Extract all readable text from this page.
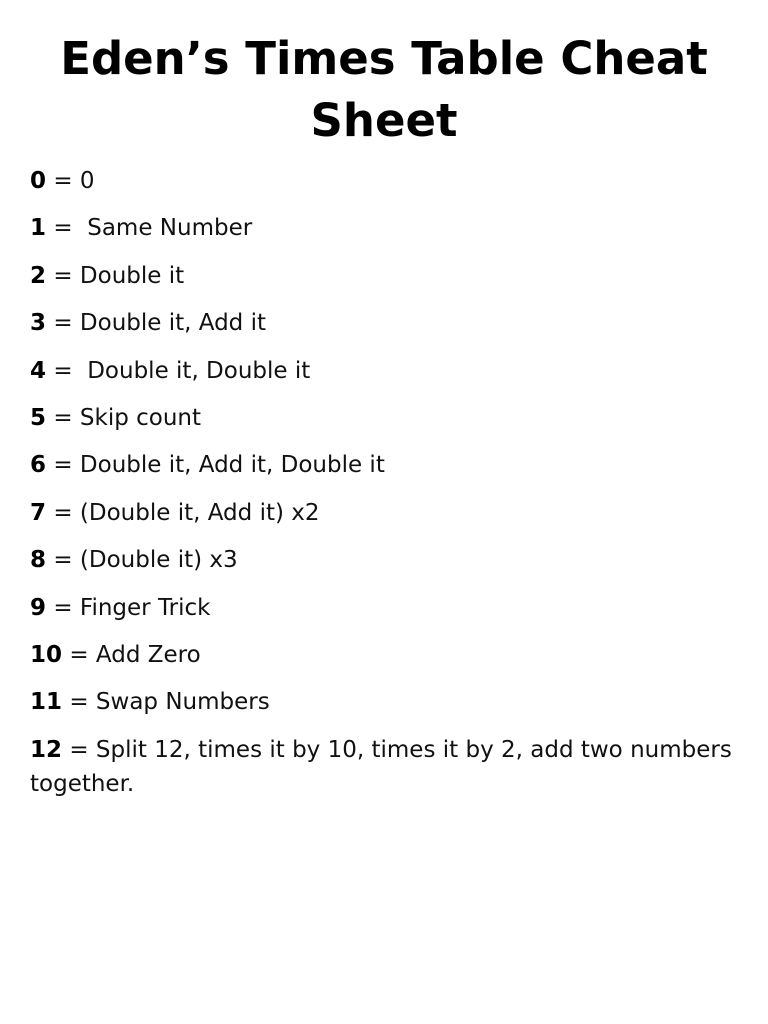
Eden’s Times Table Cheat Sheet
0 = 0
1 =  Same Number
2 = Double it
3 = Double it, Add it
4 =  Double it, Double it
5 = Skip count
6 = Double it, Add it, Double it
7 = (Double it, Add it) x2
8 = (Double it) x3
9 = Finger Trick
10 = Add Zero
11 = Swap Numbers
12 = Split 12, times it by 10, times it by 2, add two numbers together.
